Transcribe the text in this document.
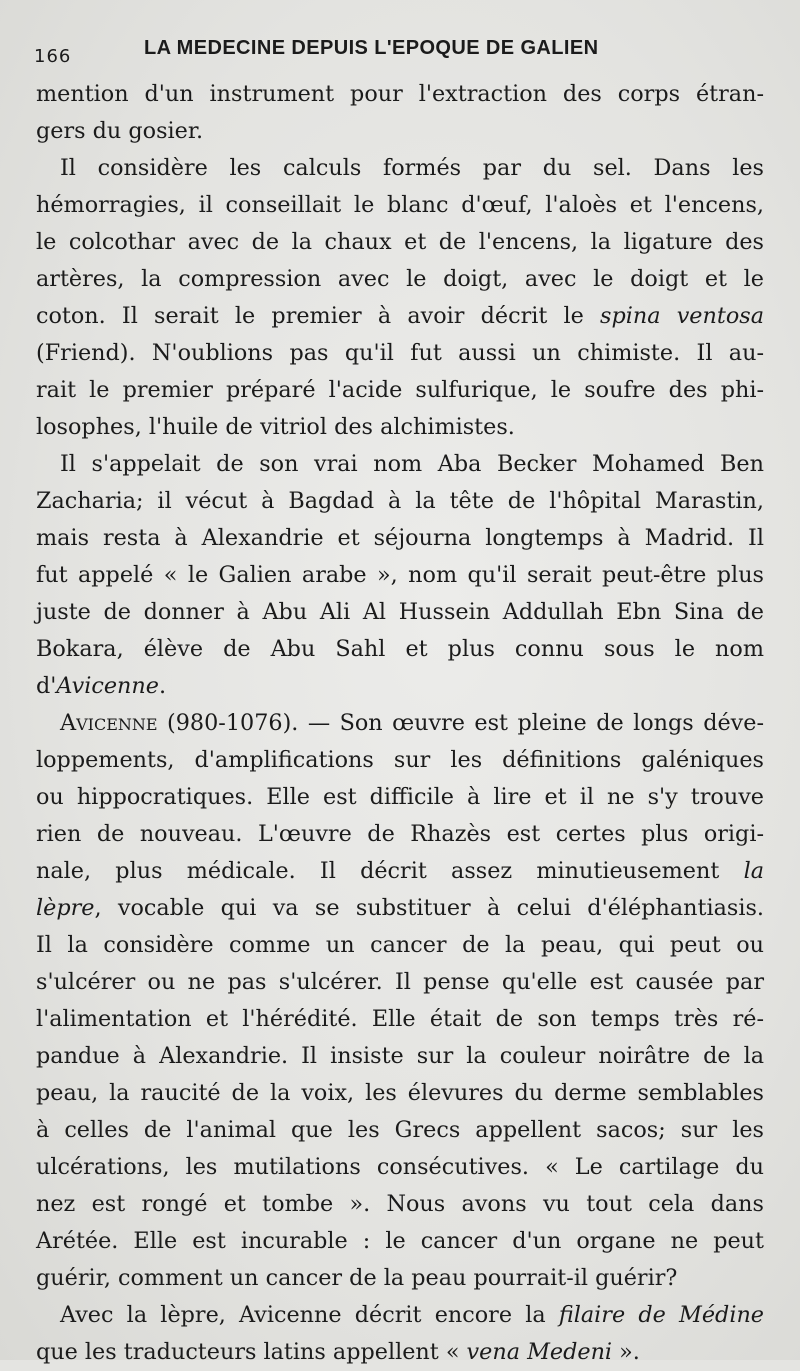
166	LA MEDECINE DEPUIS L'EPOQUE DE GALIEN

mention d'un instrument pour l'extraction des corps étran-
gers du gosier.

Il considère les calculs formés par du sel. Dans les
hémorragies, il conseillait le blanc d'œuf, l'aloès et l'encens,
le colcothar avec de la chaux et de l'encens, la ligature des
artères, la compression avec le doigt, avec le doigt et le
coton. Il serait le premier à avoir décrit le spina ventosa
(Friend). N'oublions pas qu'il fut aussi un chimiste. Il au-
rait le premier préparé l'acide sulfurique, le soufre des phi-
losophes, l'huile de vitriol des alchimistes.

Il s'appelait de son vrai nom Aba Becker Mohamed Ben
Zacharia; il vécut à Bagdad à la tête de l'hôpital Marastin,
mais resta à Alexandrie et séjourna longtemps à Madrid. Il
fut appelé « le Galien arabe », nom qu'il serait peut-être plus
juste de donner à Abu Ali Al Hussein Addullah Ebn Sina de
Bokara, élève de Abu Sahl et plus connu sous le nom
d'Avicenne.

Avicenne (980-1076). — Son œuvre est pleine de longs déve-
loppements, d'amplifications sur les définitions galéniques
ou hippocratiques. Elle est difficile à lire et il ne s'y trouve
rien de nouveau. L'œuvre de Rhazès est certes plus origi-
nale, plus médicale. Il décrit assez minutieusement la
lèpre, vocable qui va se substituer à celui d'éléphantiasis.
Il la considère comme un cancer de la peau, qui peut ou
s'ulcérer ou ne pas s'ulcérer. Il pense qu'elle est causée par
l'alimentation et l'hérédité. Elle était de son temps très ré-
pandue à Alexandrie. Il insiste sur la couleur noirâtre de la
peau, la raucité de la voix, les élevures du derme semblables
à celles de l'animal que les Grecs appellent sacos; sur les
ulcérations, les mutilations consécutives. « Le cartilage du
nez est rongé et tombe ». Nous avons vu tout cela dans
Arétée. Elle est incurable : le cancer d'un organe ne peut
guérir, comment un cancer de la peau pourrait-il guérir?

Avec la lèpre, Avicenne décrit encore la filaire de Médine
que les traducteurs latins appellent « vena Medeni ».
